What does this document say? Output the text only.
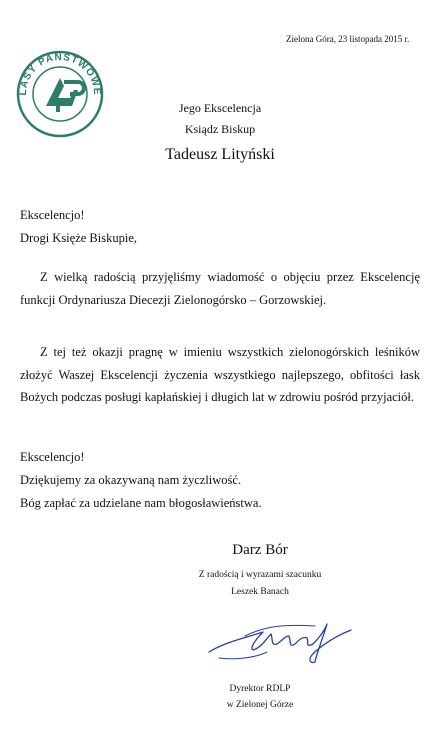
Zielona Góra, 23 listopada 2015 r.
LASY PAŃSTWOWE
Jego Ekscelencja
Ksiądz Biskup
Tadeusz Lityński
Ekscelencjo!
Drogi Księże Biskupie,
Z wielką radością przyjęliśmy wiadomość o objęciu przez Ekscelencję funkcji Ordynariusza Diecezji Zielonogórsko – Gorzowskiej.
Z tej też okazji pragnę w imieniu wszystkich zielonogórskich leśników złożyć Waszej Ekscelencji życzenia wszystkiego najlepszego, obfitości łask Bożych podczas posługi kapłańskiej i długich lat w zdrowiu pośród przyjaciół.
Ekscelencjo!
Dziękujemy za okazywaną nam życzliwość.
Bóg zapłać za udzielane nam błogosławieństwa.
Darz Bór
Z radością i wyrazami szacunku
Leszek Banach
Dyrektor RDLP
w Zielonej Górze
